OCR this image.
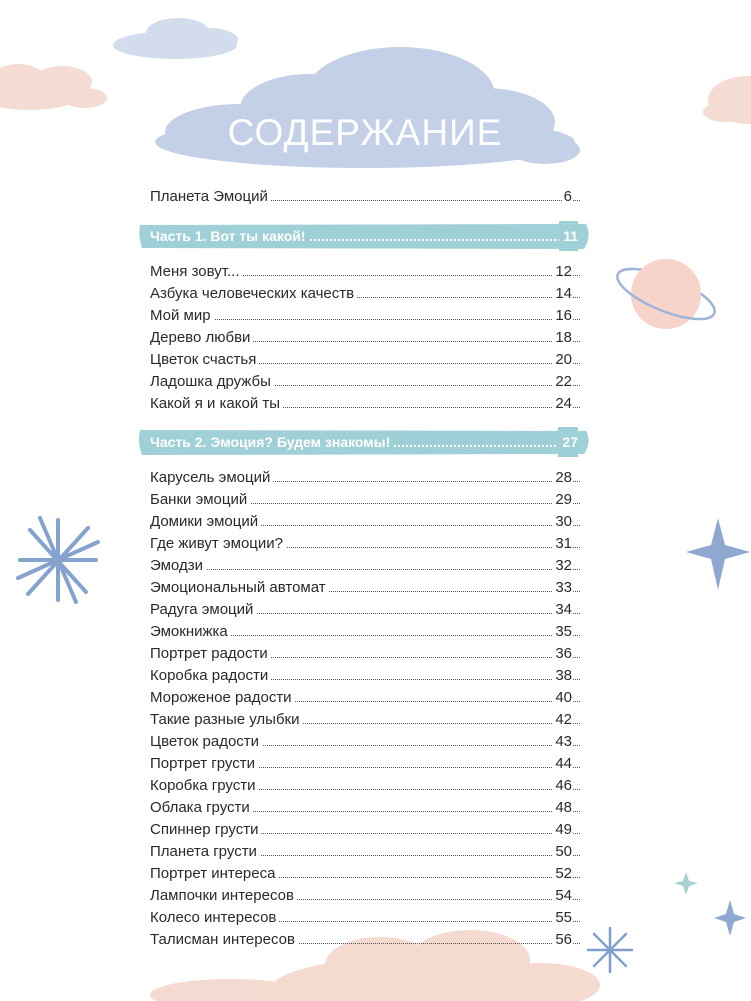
СОДЕРЖАНИЕ
Планета Эмоций	6
Часть 1. Вот ты какой!	11
Меня зовут...	12
Азбука человеческих качеств	14
Мой мир	16
Дерево любви	18
Цветок счастья	20
Ладошка дружбы	22
Какой я и какой ты	24
Часть 2. Эмоция? Будем знакомы!	27
Карусель эмоций	28
Банки эмоций	29
Домики эмоций	30
Где живут эмоции?	31
Эмодзи	32
Эмоциональный автомат	33
Радуга эмоций	34
Эмокнижка	35
Портрет радости	36
Коробка радости	38
Мороженое радости	40
Такие разные улыбки	42
Цветок радости	43
Портрет грусти	44
Коробка грусти	46
Облака грусти	48
Спиннер грусти	49
Планета грусти	50
Портрет интереса	52
Лампочки интересов	54
Колесо интересов	55
Талисман интересов	56
